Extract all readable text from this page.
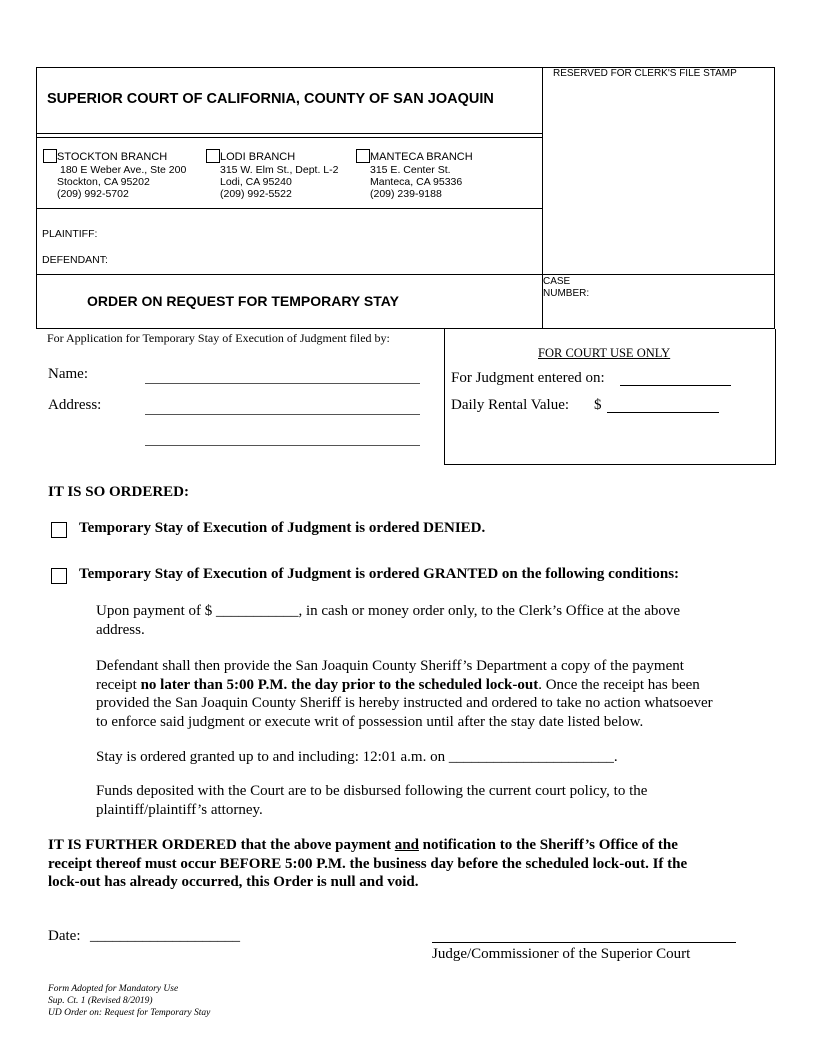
SUPERIOR COURT OF CALIFORNIA, COUNTY OF SAN JOAQUIN
RESERVED FOR CLERK'S FILE STAMP
STOCKTON BRANCH
180 E Weber Ave., Ste 200
Stockton, CA 95202
(209) 992-5702
LODI BRANCH
315 W. Elm St., Dept. L-2
Lodi, CA 95240
(209) 992-5522
MANTECA BRANCH
315 E. Center St.
Manteca, CA 95336
(209) 239-9188
PLAINTIFF:
DEFENDANT:
ORDER ON REQUEST FOR TEMPORARY STAY
CASE
NUMBER:
For Application for Temporary Stay of Execution of Judgment filed by:
Name:
Address:
FOR COURT USE ONLY
For Judgment entered on:
Daily Rental Value: $
IT IS SO ORDERED:
Temporary Stay of Execution of Judgment is ordered DENIED.
Temporary Stay of Execution of Judgment is ordered GRANTED on the following conditions:
Upon payment of $ ___________, in cash or money order only, to the Clerk’s Office at the above
address.
Defendant shall then provide the San Joaquin County Sheriff’s Department a copy of the payment
receipt no later than 5:00 P.M. the day prior to the scheduled lock-out. Once the receipt has been
provided the San Joaquin County Sheriff is hereby instructed and ordered to take no action whatsoever
to enforce said judgment or execute writ of possession until after the stay date listed below.
Stay is ordered granted up to and including: 12:01 a.m. on ______________________.
Funds deposited with the Court are to be disbursed following the current court policy, to the
plaintiff/plaintiff’s attorney.
IT IS FURTHER ORDERED that the above payment and notification to the Sheriff’s Office of the
receipt thereof must occur BEFORE 5:00 P.M. the business day before the scheduled lock-out. If the
lock-out has already occurred, this Order is null and void.
Date: ____________________
Judge/Commissioner of the Superior Court
Form Adopted for Mandatory Use
Sup. Ct. 1 (Revised 8/2019)
UD Order on: Request for Temporary Stay
